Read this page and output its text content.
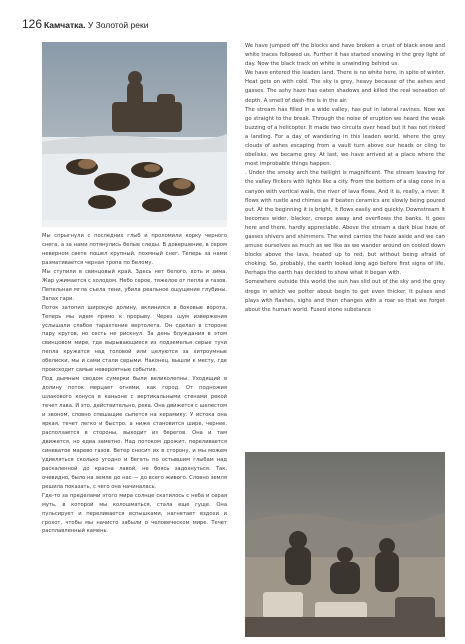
126 Камчатка. У Золотой реки

Мы спрыгнули с последних глыб и проломили корку черного снега, а за нами потянулись белые следы. В довершение, в сером неверном свете пошел крупный, похмный снег. Теперь за нами размативается черная тропа по белому.

Мы ступили в свинцовый край. Здесь нет белого, хоть и зима. Жар ужимается с холодом. Небо серое, тяжелое от пепла и газов. Пепельная мгла съела тени, убила реальное ощущение глубины. Запах гари.

Поток затопил широкую долину, вклинился в боковые ворота. Теперь мы идем прямо к прорыву. Через шум извержения услышали слабое тарахтение вертолета. Он сделал в стороне пару кругов, но сесть не рискнул. За день блуждания в этом свинцовом мире, где вырывающиеся из подземелья серые тучи пепла кружатся над головой или целуются за хитроумные обелиски, мы и сами стали серыми. Наконец, вышли к месту, где происходит самые невероятные события.

Под дымным сводом сумерки были великолепны. Уходящий в долину поток мерцает огнями, как город. От подножия шлакового конуса в каньоне с вертикальными стенами рекой течет лава. И это, действительно, река. Она движется с шелестом и звоном, словно спешащие сыпется на керамику. У истока она яркая, течет легко и быстро, а ниже становится шире, чернее, расползается в стороны, выходит из берегов. Она и там движется, но едва заметно. Над потоком дрожит, переливается синеватое марево газов. Ветер сносит их в сторону, и мы можем удивляться сколько угодно и бегать по остывшим глыбам над раскаленной до красна лавой, не боясь задохнуться. Так, очевидно, было на земле до нас — до всего живого. Словно земля решила показать, с чего она начиналась.

Где-то за пределами этого мира солнце скатилось с неба и серая муть, в которой мы колошматься, стала еще гуще. Она пульсирует и переливается вспышками, нагнетает вздохи и грохот, чтобы мы начисто забыли о человеческом мире. Течет расплавленный камень.

We have jumped off the blocks and have broken a crust of black snow and white traces followed us. Further it has started snowing in the grey light of day. Now the black track on white is unwinding behind us.

We have entered the leaden land. There is no white here, in spite of winter. Heat gets on with cold. The sky is grey, heavy because of the ashes and gasses. The ashy haze has eaten shadows and killed the real sensation of depth. A smell of dash-fire is in the air.

The stream has filled in a wide valley, has put in lateral ravines. Now we go straight to the break. Through the noise of eruption we heard the weak buzzing of a helicopter. It made two circuits over head but it has not risked a landing. For a day of wandering in this leaden world, where the grey clouds of ashes escaping from a vault turn above our heads or cling to obelisks, we became grey. At last, we have arrived at a place where the most improbable things happen.

. Under the smoky arch the twilight is magnificent. The stream leaving for the valley flickers with lights like a city. From the bottom of a slag cone in a canyon with vertical walls, the river of lava flows. And it is, really, a river. It flows with rustle and chimes as if beaten ceramics are slowly being poured out. At the beginning it is bright, it flows easily and quickly. Downstream it becomes wider, blacker, creeps away and overflows the banks. It goes here and there, hardly appreciable. Above the stream a dark blue haze of gasses shivers and shimmers. The wind carries the haze aside and we can amuse ourselves as much as we like as we wander around on cooled down blocks above the lava, heated up to red, but without being afraid of choking. So, probably, the earth looked long ago before first signs of life. Perhaps the earth has decided to show what it began with.

Somewhere outside this world the sun has slid out of the sky and the grey dregs in which we potter about begin to get even thicker. It pulses and plays with flashes, sighs and then changes with a roar so that we forget about the human world. Fused stone substance
